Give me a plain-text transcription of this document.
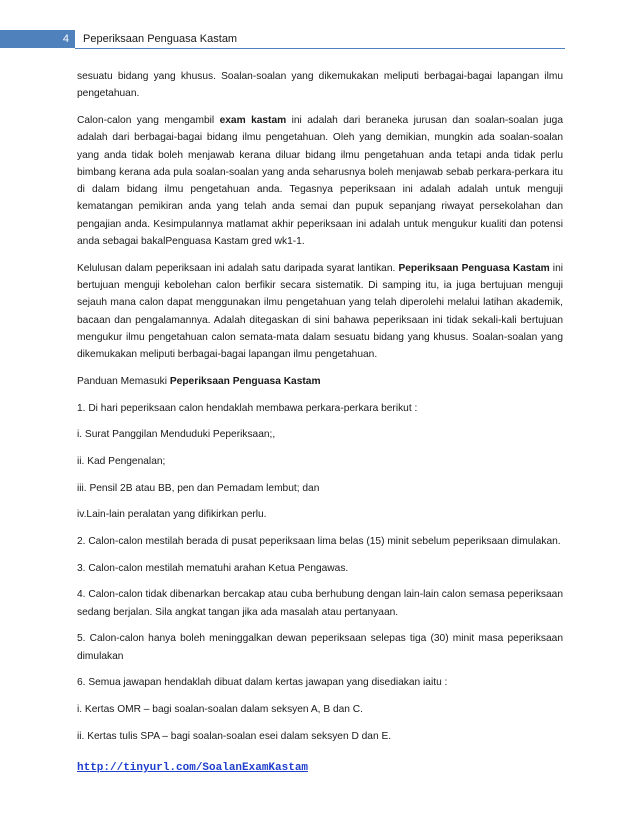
4	Peperiksaan Penguasa Kastam

sesuatu bidang yang khusus. Soalan-soalan yang dikemukakan meliputi berbagai-bagai lapangan ilmu pengetahuan.

Calon-calon yang mengambil exam kastam ini adalah dari beraneka jurusan dan soalan-soalan juga adalah dari berbagai-bagai bidang ilmu pengetahuan. Oleh yang demikian, mungkin ada soalan-soalan yang anda tidak boleh menjawab kerana diluar bidang ilmu pengetahuan anda tetapi anda tidak perlu bimbang kerana ada pula soalan-soalan yang anda seharusnya boleh menjawab sebab perkara-perkara itu di dalam bidang ilmu pengetahuan anda. Tegasnya peperiksaan ini adalah adalah untuk menguji kematangan pemikiran anda yang telah anda semai dan pupuk sepanjang riwayat persekolahan dan pengajian anda. Kesimpulannya matlamat akhir peperiksaan ini adalah untuk mengukur kualiti dan potensi anda sebagai bakalPenguasa Kastam gred wk1-1.

Kelulusan dalam peperiksaan ini adalah satu daripada syarat lantikan. Peperiksaan Penguasa Kastam ini bertujuan menguji kebolehan calon berfikir secara sistematik. Di samping itu, ia juga bertujuan menguji sejauh mana calon dapat menggunakan ilmu pengetahuan yang telah diperolehi melalui latihan akademik, bacaan dan pengalamannya. Adalah ditegaskan di sini bahawa peperiksaan ini tidak sekali-kali bertujuan mengukur ilmu pengetahuan calon semata-mata dalam sesuatu bidang yang khusus. Soalan-soalan yang dikemukakan meliputi berbagai-bagai lapangan ilmu pengetahuan.

Panduan Memasuki Peperiksaan Penguasa Kastam

1. Di hari peperiksaan calon hendaklah membawa perkara-perkara berikut :

i. Surat Panggilan Menduduki Peperiksaan;,

ii. Kad Pengenalan;

iii. Pensil 2B atau BB, pen dan Pemadam lembut; dan

iv.Lain-lain peralatan yang difikirkan perlu.

2. Calon-calon mestilah berada di pusat peperiksaan lima belas (15) minit sebelum peperiksaan dimulakan.

3. Calon-calon mestilah mematuhi arahan Ketua Pengawas.

4. Calon-calon tidak dibenarkan bercakap atau cuba berhubung dengan lain-lain calon semasa peperiksaan sedang berjalan. Sila angkat tangan jika ada masalah atau pertanyaan.

5. Calon-calon hanya boleh meninggalkan dewan peperiksaan selepas tiga (30) minit masa peperiksaan dimulakan

6. Semua jawapan hendaklah dibuat dalam kertas jawapan yang disediakan iaitu :

i. Kertas OMR – bagi soalan-soalan dalam seksyen A, B dan C.

ii. Kertas tulis SPA – bagi soalan-soalan esei dalam seksyen D dan E.

http://tinyurl.com/SoalanExamKastam
